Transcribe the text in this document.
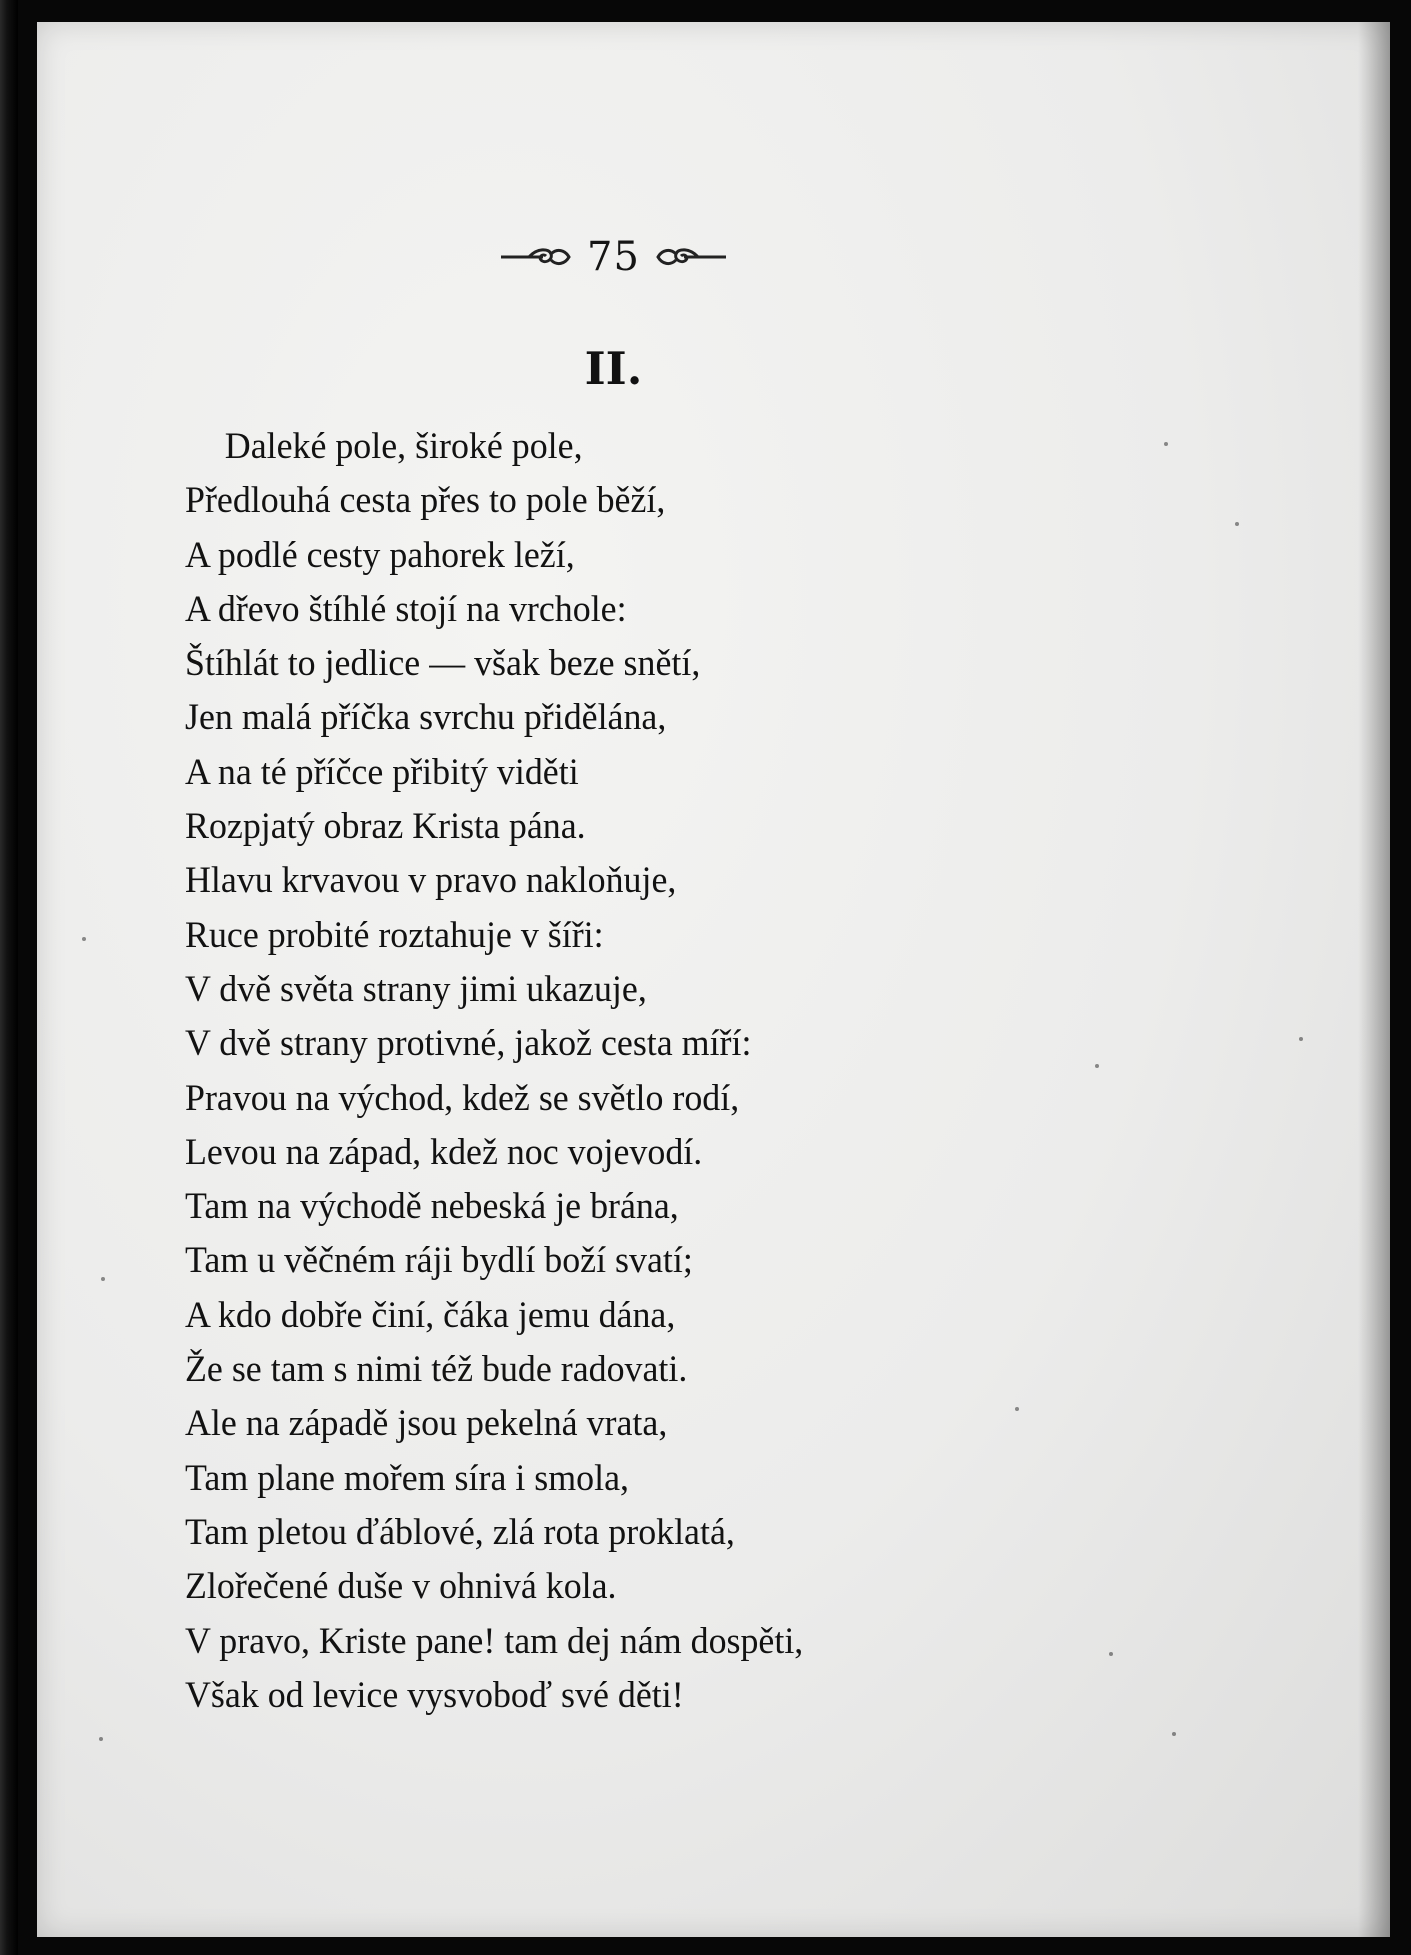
75
II.
Daleké pole, široké pole,
Předlouhá cesta přes to pole běží,
A podlé cesty pahorek leží,
A dřevo štíhlé stojí na vrchole:
Štíhlát to jedlice — však beze snětí,
Jen malá příčka svrchu přidělána,
A na té příčce přibitý viděti
Rozpjatý obraz Krista pána.
Hlavu krvavou v pravo nakloňuje,
Ruce probité roztahuje v šíři:
V dvě světa strany jimi ukazuje,
V dvě strany protivné, jakož cesta míří:
Pravou na východ, kdež se světlo rodí,
Levou na západ, kdež noc vojevodí.
Tam na východě nebeská je brána,
Tam u věčném ráji bydlí boží svatí;
A kdo dobře činí, čáka jemu dána,
Že se tam s nimi též bude radovati.
Ale na západě jsou pekelná vrata,
Tam plane mořem síra i smola,
Tam pletou ďáblové, zlá rota proklatá,
Zlořečené duše v ohnivá kola.
V pravo, Kriste pane! tam dej nám dospěti,
Však od levice vysvoboď své děti!
